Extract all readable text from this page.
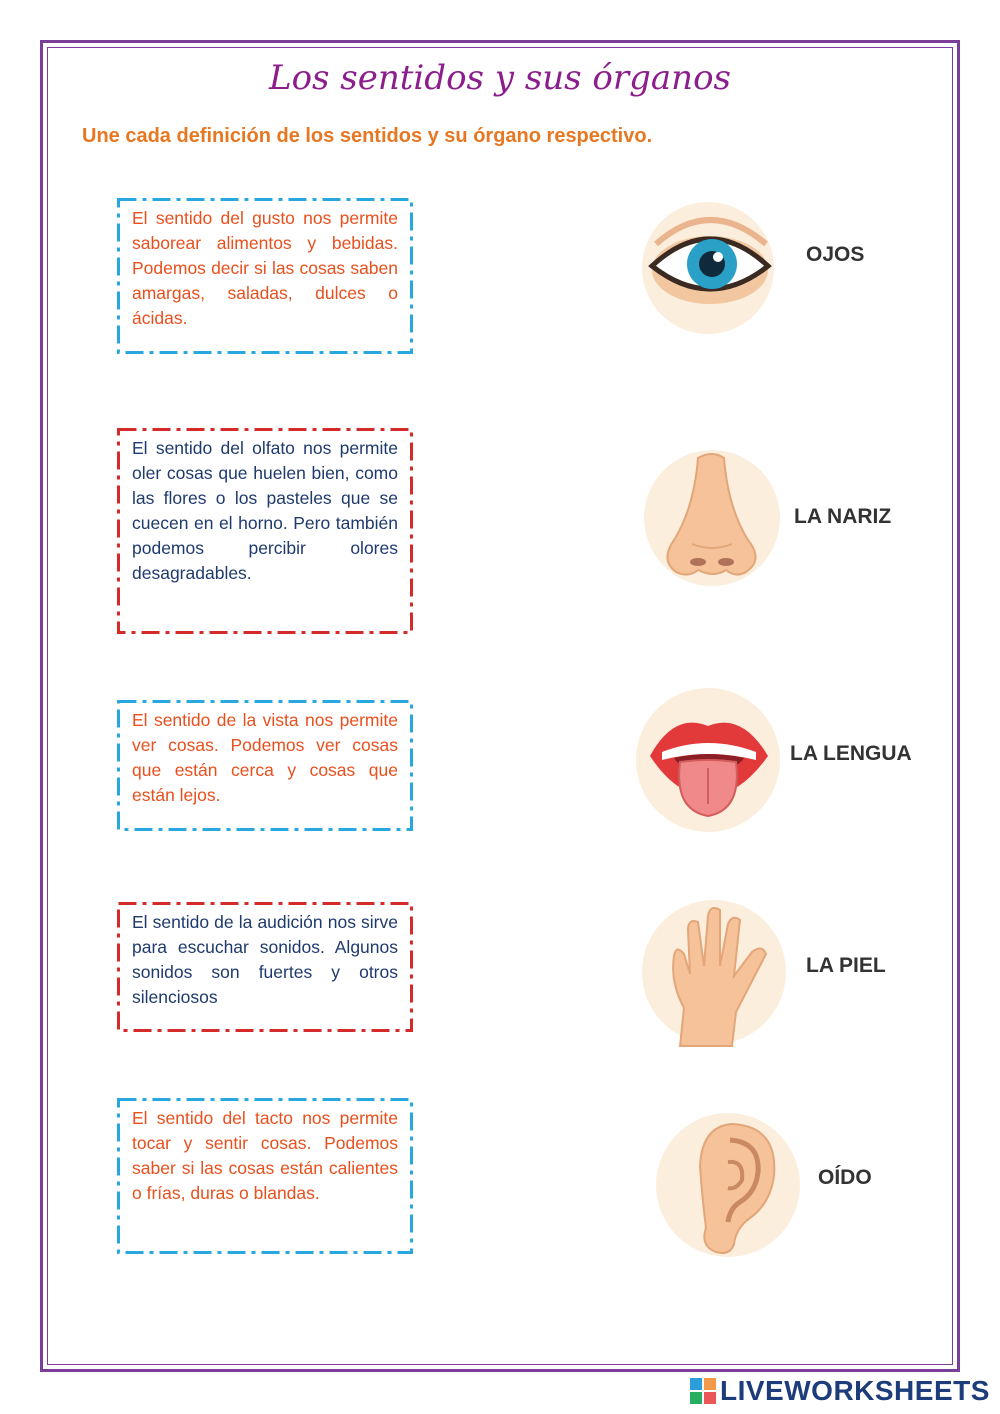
Los sentidos y sus órganos
Une cada definición de los sentidos y su órgano respectivo.
El sentido del gusto nos permite saborear alimentos y bebidas. Podemos decir si las cosas saben amargas, saladas, dulces o ácidas.
El sentido del olfato nos permite oler cosas que huelen bien, como las flores o los pasteles que se cuecen en el horno. Pero también podemos percibir olores desagradables.
El sentido de la vista nos permite ver cosas. Podemos ver cosas que están cerca y cosas que están lejos.
El sentido de la audición nos sirve para escuchar sonidos. Algunos sonidos son fuertes y otros silenciosos
El sentido del tacto nos permite tocar y sentir cosas. Podemos saber si las cosas están calientes o frías, duras o blandas.
OJOS
LA NARIZ
LA LENGUA
LA PIEL
OÍDO
LIVEWORKSHEETS
